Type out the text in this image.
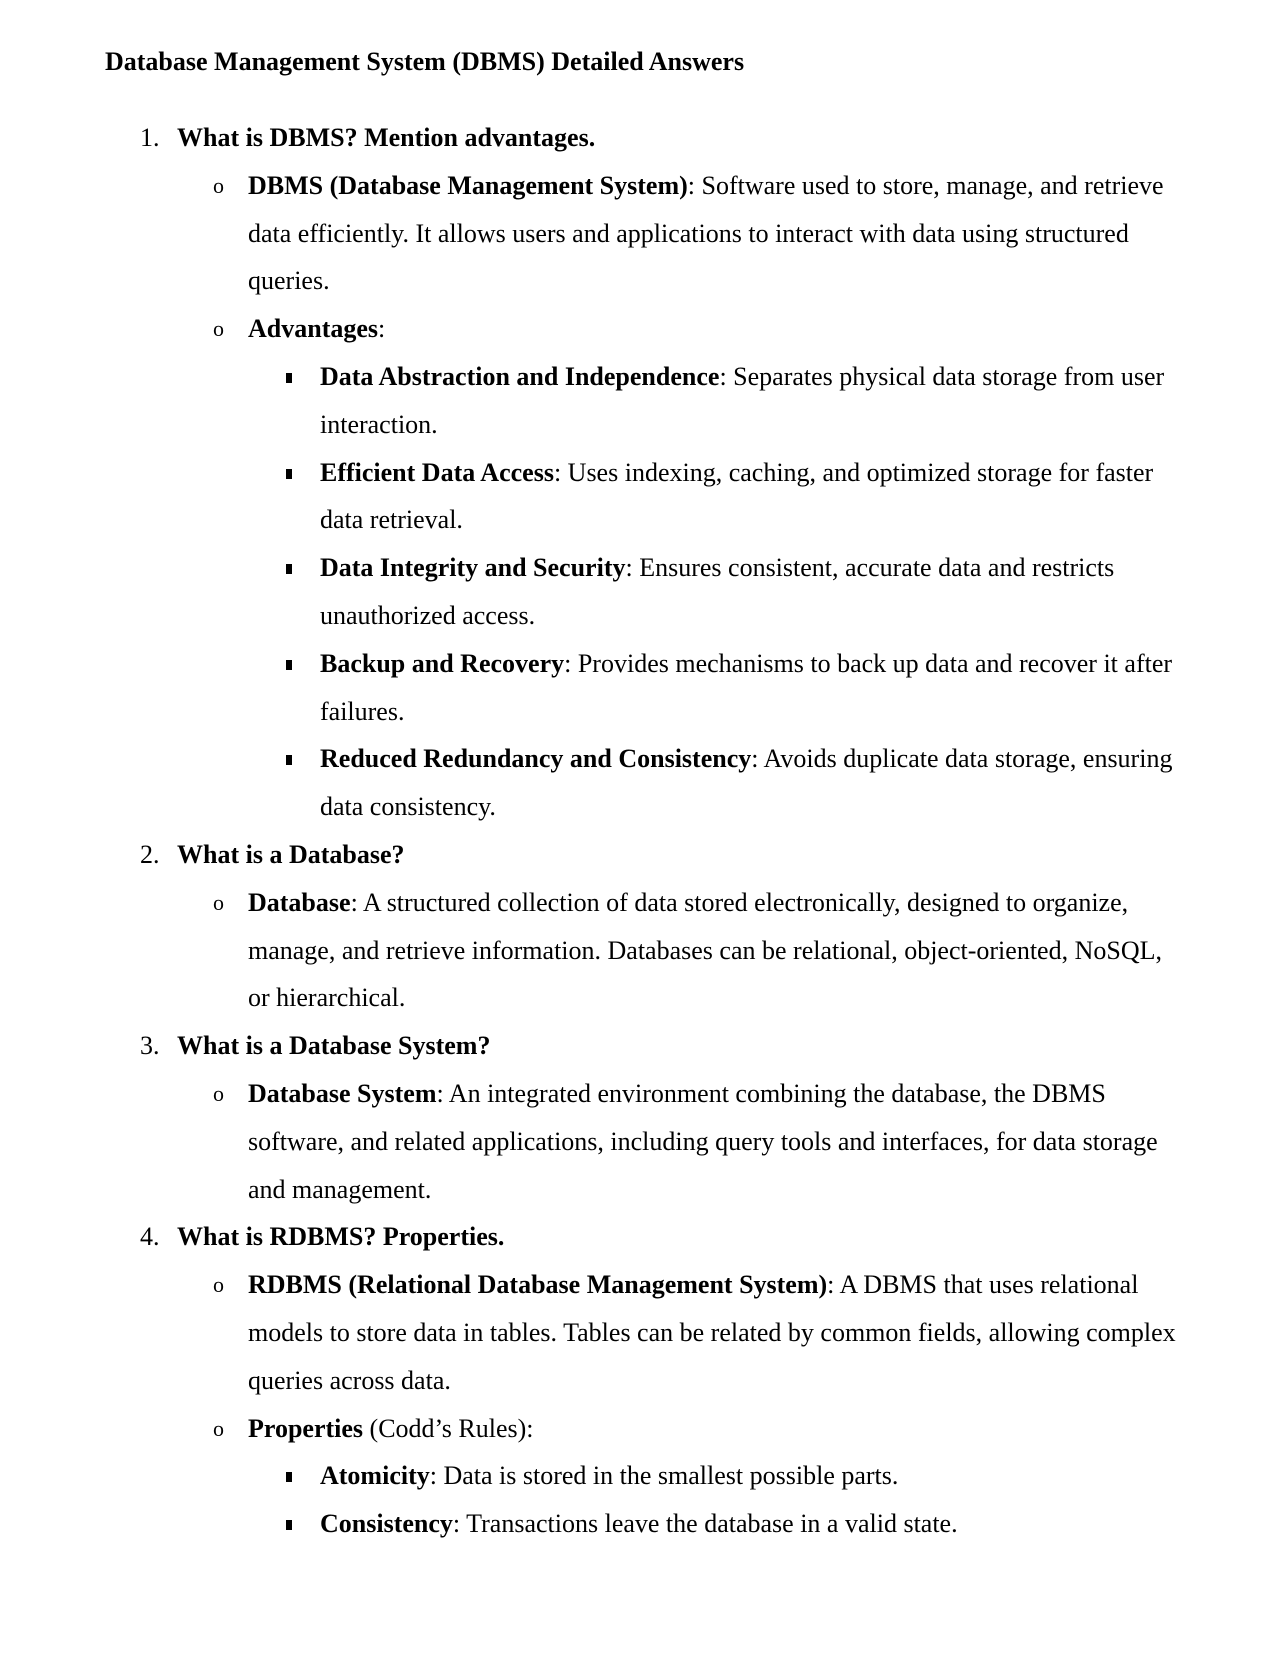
Database Management System (DBMS) Detailed Answers
1. What is DBMS? Mention advantages.
o DBMS (Database Management System): Software used to store, manage, and retrieve data efficiently. It allows users and applications to interact with data using structured queries.
o Advantages:
Data Abstraction and Independence: Separates physical data storage from user interaction.
Efficient Data Access: Uses indexing, caching, and optimized storage for faster data retrieval.
Data Integrity and Security: Ensures consistent, accurate data and restricts unauthorized access.
Backup and Recovery: Provides mechanisms to back up data and recover it after failures.
Reduced Redundancy and Consistency: Avoids duplicate data storage, ensuring data consistency.
2. What is a Database?
o Database: A structured collection of data stored electronically, designed to organize, manage, and retrieve information. Databases can be relational, object-oriented, NoSQL, or hierarchical.
3. What is a Database System?
o Database System: An integrated environment combining the database, the DBMS software, and related applications, including query tools and interfaces, for data storage and management.
4. What is RDBMS? Properties.
o RDBMS (Relational Database Management System): A DBMS that uses relational models to store data in tables. Tables can be related by common fields, allowing complex queries across data.
o Properties (Codd’s Rules):
Atomicity: Data is stored in the smallest possible parts.
Consistency: Transactions leave the database in a valid state.
